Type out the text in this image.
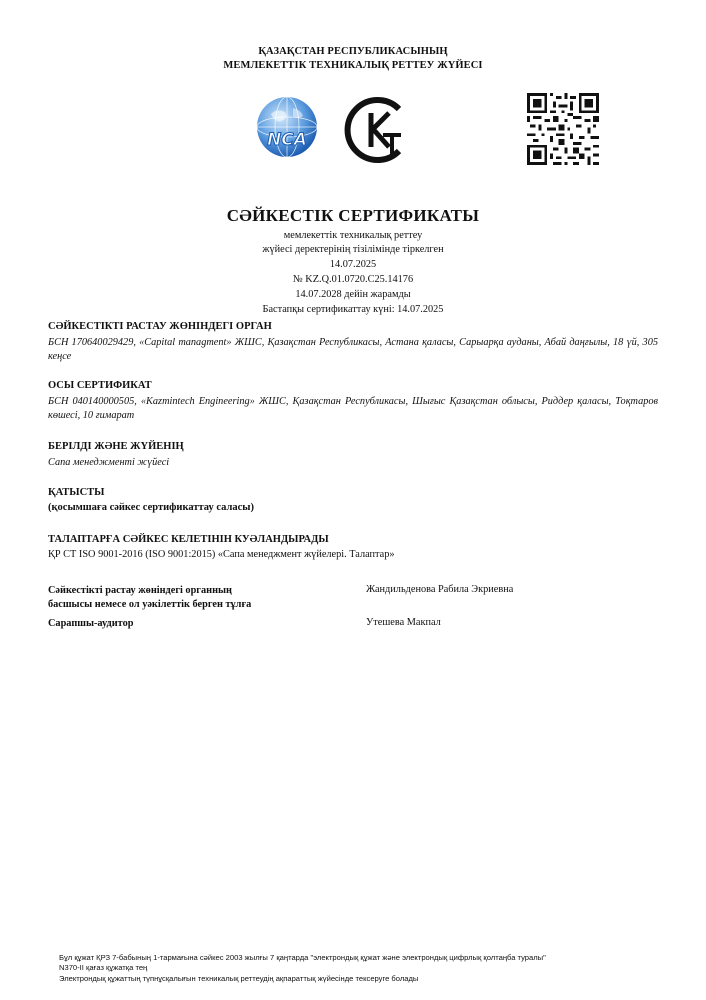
ҚАЗАҚСТАН РЕСПУБЛИКАСЫНЫҢ
МЕМЛЕКЕТТІК ТЕХНИКАЛЫҚ РЕТТЕУ ЖҮЙЕСІ
NCA
СӘЙКЕСТІК СЕРТИФИКАТЫ
мемлекеттік техникалық реттеу
жүйесі деректерінің тізілімінде тіркелген
14.07.2025
№ KZ.Q.01.0720.C25.14176
14.07.2028 дейін жарамды
Бастапқы сертификаттау күні: 14.07.2025
СӘЙКЕСТІКТІ РАСТАУ ЖӨНІНДЕГІ ОРГАН
БСН 170640029429, «Capital managment» ЖШС, Қазақстан Республикасы, Астана қаласы, Сарыарқа ауданы, Абай даңғылы, 18 үй, 305 кеңсе
ОСЫ СЕРТИФИКАТ
БСН 040140000505, «Kazmintech Engineering» ЖШС, Қазақстан Республикасы, Шығыс Қазақстан облысы, Риддер қаласы, Тоқтаров көшесі, 10 ғимарат
БЕРІЛДІ ЖӘНЕ ЖҮЙЕНІҢ
Сапа менеджменті жүйесі
ҚАТЫСТЫ
(қосымшаға сәйкес сертификаттау саласы)
ТАЛАПТАРҒА СӘЙКЕС КЕЛЕТІНІН КУӘЛАНДЫРАДЫ
ҚР СТ ISO 9001-2016 (ISO 9001:2015) «Сапа менеджмент жүйелері. Талаптар»
Сәйкестікті растау жөніндегі органның
басшысы немесе ол уәкілеттік берген тұлға
Жандильденова Рабила Экриевна
Сарапшы-аудитор	Утешева Макпал
Бұл құжат ҚРЗ 7-бабының 1-тармағына сәйкес 2003 жылғы 7 қаңтарда "электрондық құжат және электрондық цифрлық қолтаңба туралы"
N370-II қағаз құжатқа тең
Электрондық құжаттың түпнұсқалығын техникалық реттеудің ақпараттық жүйесінде тексеруге болады
